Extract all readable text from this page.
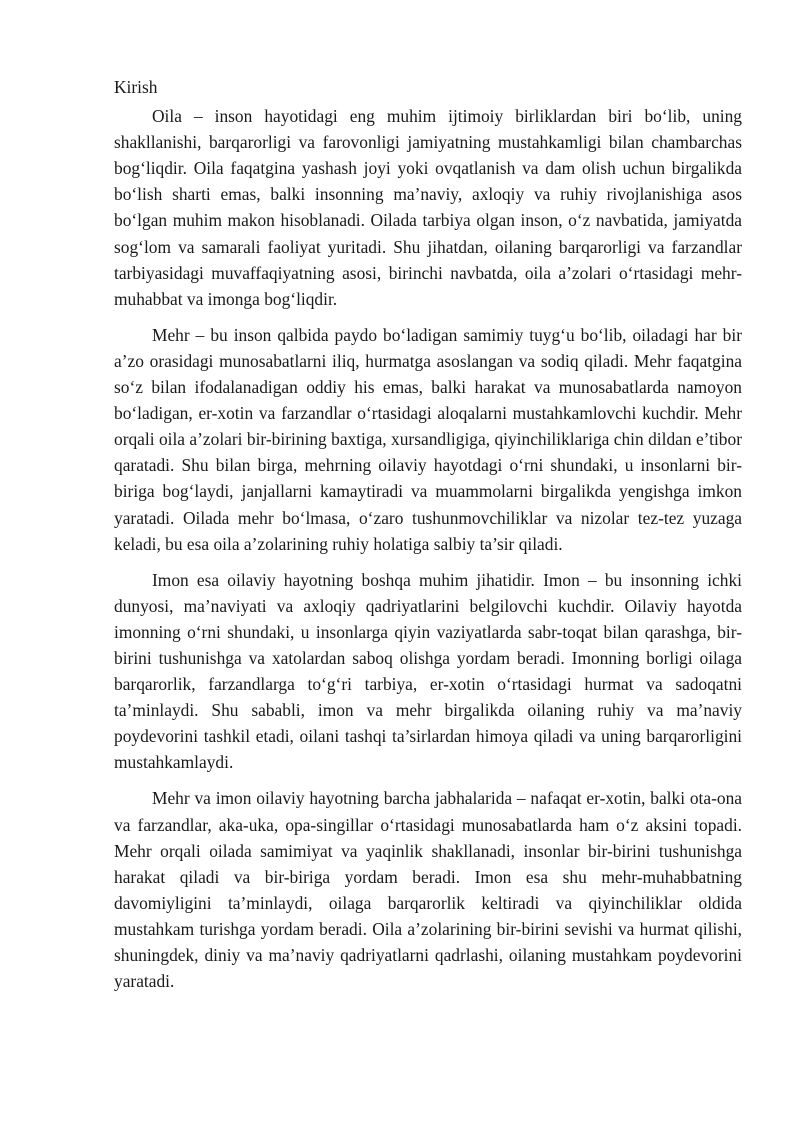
Kirish

Oila – inson hayotidagi eng muhim ijtimoiy birliklardan biri bo‘lib, uning shakllanishi, barqarorligi va farovonligi jamiyatning mustahkamligi bilan chambarchas bog‘liqdir. Oila faqatgina yashash joyi yoki ovqatlanish va dam olish uchun birgalikda bo‘lish sharti emas, balki insonning ma’naviy, axloqiy va ruhiy rivojlanishiga asos bo‘lgan muhim makon hisoblanadi. Oilada tarbiya olgan inson, o‘z navbatida, jamiyatda sog‘lom va samarali faoliyat yuritadi. Shu jihatdan, oilaning barqarorligi va farzandlar tarbiyasidagi muvaffaqiyatning asosi, birinchi navbatda, oila a’zolari o‘rtasidagi mehr-muhabbat va imonga bog‘liqdir.

Mehr – bu inson qalbida paydo bo‘ladigan samimiy tuyg‘u bo‘lib, oiladagi har bir a’zo orasidagi munosabatlarni iliq, hurmatga asoslangan va sodiq qiladi. Mehr faqatgina so‘z bilan ifodalanadigan oddiy his emas, balki harakat va munosabatlarda namoyon bo‘ladigan, er-xotin va farzandlar o‘rtasidagi aloqalarni mustahkamlovchi kuchdir. Mehr orqali oila a’zolari bir-birining baxtiga, xursandligiga, qiyinchiliklariga chin dildan e’tibor qaratadi. Shu bilan birga, mehrning oilaviy hayotdagi o‘rni shundaki, u insonlarni bir-biriga bog‘laydi, janjallarni kamaytiradi va muammolarni birgalikda yengishga imkon yaratadi. Oilada mehr bo‘lmasa, o‘zaro tushunmovchiliklar va nizolar tez-tez yuzaga keladi, bu esa oila a’zolarining ruhiy holatiga salbiy ta’sir qiladi.

Imon esa oilaviy hayotning boshqa muhim jihatidir. Imon – bu insonning ichki dunyosi, ma’naviyati va axloqiy qadriyatlarini belgilovchi kuchdir. Oilaviy hayotda imonning o‘rni shundaki, u insonlarga qiyin vaziyatlarda sabr-toqat bilan qarashga, bir-birini tushunishga va xatolardan saboq olishga yordam beradi. Imonning borligi oilaga barqarorlik, farzandlarga to‘g‘ri tarbiya, er-xotin o‘rtasidagi hurmat va sadoqatni ta’minlaydi. Shu sababli, imon va mehr birgalikda oilaning ruhiy va ma’naviy poydevorini tashkil etadi, oilani tashqi ta’sirlardan himoya qiladi va uning barqarorligini mustahkamlaydi.

Mehr va imon oilaviy hayotning barcha jabhalarida – nafaqat er-xotin, balki ota-ona va farzandlar, aka-uka, opa-singillar o‘rtasidagi munosabatlarda ham o‘z aksini topadi. Mehr orqali oilada samimiyat va yaqinlik shakllanadi, insonlar bir-birini tushunishga harakat qiladi va bir-biriga yordam beradi. Imon esa shu mehr-muhabbatning davomiyligini ta’minlaydi, oilaga barqarorlik keltiradi va qiyinchiliklar oldida mustahkam turishga yordam beradi. Oila a’zolarining bir-birini sevishi va hurmat qilishi, shuningdek, diniy va ma’naviy qadriyatlarni qadrlashi, oilaning mustahkam poydevorini yaratadi.
